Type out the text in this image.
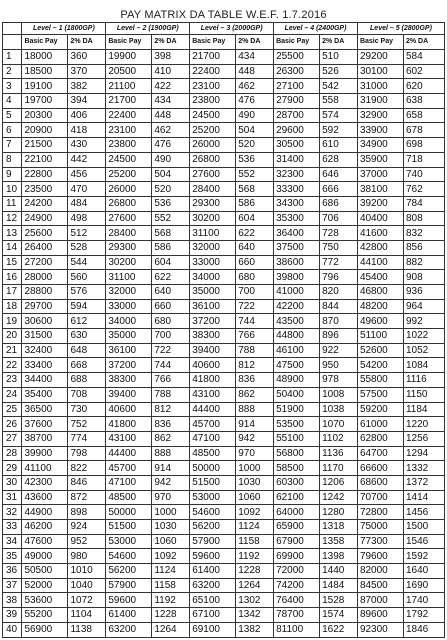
PAY MATRIX DA TABLE W.E.F. 1.7.2016
	Level – 1 (1800GP)		Level – 2 (1900GP)		Level – 3 (2000GP)		Level – 4 (2400GP)		Level – 5 (2800GP)	
	Basic Pay	2% DA	Basic Pay	2% DA	Basic Pay	2% DA	Basic Pay	2% DA	Basic Pay	2% DA
1	18000	360	19900	398	21700	434	25500	510	29200	584
2	18500	370	20500	410	22400	448	26300	526	30100	602
3	19100	382	21100	422	23100	462	27100	542	31000	620
4	19700	394	21700	434	23800	476	27900	558	31900	638
5	20300	406	22400	448	24500	490	28700	574	32900	658
6	20900	418	23100	462	25200	504	29600	592	33900	678
7	21500	430	23800	476	26000	520	30500	610	34900	698
8	22100	442	24500	490	26800	536	31400	628	35900	718
9	22800	456	25200	504	27600	552	32300	646	37000	740
10	23500	470	26000	520	28400	568	33300	666	38100	762
11	24200	484	26800	536	29300	586	34300	686	39200	784
12	24900	498	27600	552	30200	604	35300	706	40400	808
13	25600	512	28400	568	31100	622	36400	728	41600	832
14	26400	528	29300	586	32000	640	37500	750	42800	856
15	27200	544	30200	604	33000	660	38600	772	44100	882
16	28000	560	31100	622	34000	680	39800	796	45400	908
17	28800	576	32000	640	35000	700	41000	820	46800	936
18	29700	594	33000	660	36100	722	42200	844	48200	964
19	30600	612	34000	680	37200	744	43500	870	49600	992
20	31500	630	35000	700	38300	766	44800	896	51100	1022
21	32400	648	36100	722	39400	788	46100	922	52600	1052
22	33400	668	37200	744	40600	812	47500	950	54200	1084
23	34400	688	38300	766	41800	836	48900	978	55800	1116
24	35400	708	39400	788	43100	862	50400	1008	57500	1150
25	36500	730	40600	812	44400	888	51900	1038	59200	1184
26	37600	752	41800	836	45700	914	53500	1070	61000	1220
27	38700	774	43100	862	47100	942	55100	1102	62800	1256
28	39900	798	44400	888	48500	970	56800	1136	64700	1294
29	41100	822	45700	914	50000	1000	58500	1170	66600	1332
30	42300	846	47100	942	51500	1030	60300	1206	68600	1372
31	43600	872	48500	970	53000	1060	62100	1242	70700	1414
32	44900	898	50000	1000	54600	1092	64000	1280	72800	1456
33	46200	924	51500	1030	56200	1124	65900	1318	75000	1500
34	47600	952	53000	1060	57900	1158	67900	1358	77300	1546
35	49000	980	54600	1092	59600	1192	69900	1398	79600	1592
36	50500	1010	56200	1124	61400	1228	72000	1440	82000	1640
37	52000	1040	57900	1158	63200	1264	74200	1484	84500	1690
38	53600	1072	59600	1192	65100	1302	76400	1528	87000	1740
39	55200	1104	61400	1228	67100	1342	78700	1574	89600	1792
40	56900	1138	63200	1264	69100	1382	81100	1622	92300	1846
